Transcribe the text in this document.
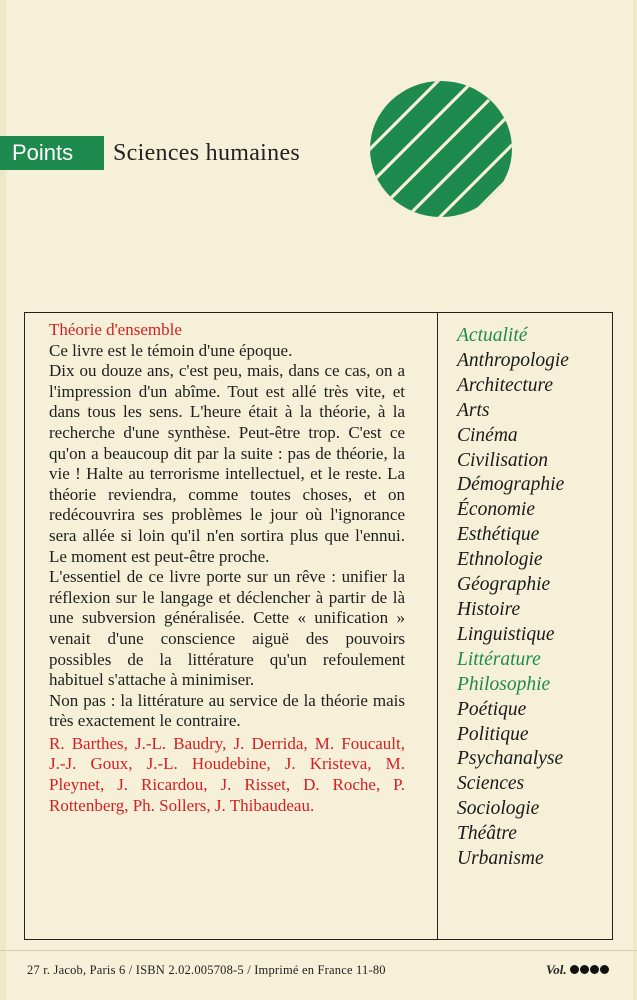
Points Sciences humaines

Théorie d'ensemble

Ce livre est le témoin d'une époque.

Dix ou douze ans, c'est peu, mais, dans ce cas, on a l'impression d'un abîme. Tout est allé très vite, et dans tous les sens. L'heure était à la théorie, à la recherche d'une synthèse. Peut-être trop. C'est ce qu'on a beaucoup dit par la suite : pas de théorie, la vie ! Halte au terrorisme intellectuel, et le reste. La théorie reviendra, comme toutes choses, et on redécouvrira ses problèmes le jour où l'ignorance sera allée si loin qu'il n'en sortira plus que l'ennui. Le moment est peut-être proche.

L'essentiel de ce livre porte sur un rêve : unifier la réflexion sur le langage et déclencher à partir de là une subversion généralisée. Cette « unification » venait d'une conscience aiguë des pouvoirs possibles de la littérature qu'un refoulement habituel s'attache à minimiser.

Non pas : la littérature au service de la théorie mais très exactement le contraire.

R. Barthes, J.-L. Baudry, J. Derrida, M. Foucault, J.-J. Goux, J.-L. Houdebine, J. Kristeva, M. Pleynet, J. Ricardou, J. Risset, D. Roche, P. Rottenberg, Ph. Sollers, J. Thibaudeau.

Actualité
Anthropologie
Architecture
Arts
Cinéma
Civilisation
Démographie
Économie
Esthétique
Ethnologie
Géographie
Histoire
Linguistique
Littérature
Philosophie
Poétique
Politique
Psychanalyse
Sciences
Sociologie
Théâtre
Urbanisme
27 r. Jacob, Paris 6 / ISBN 2.02.005708-5 / Imprimé en France 11-80	Vol.
